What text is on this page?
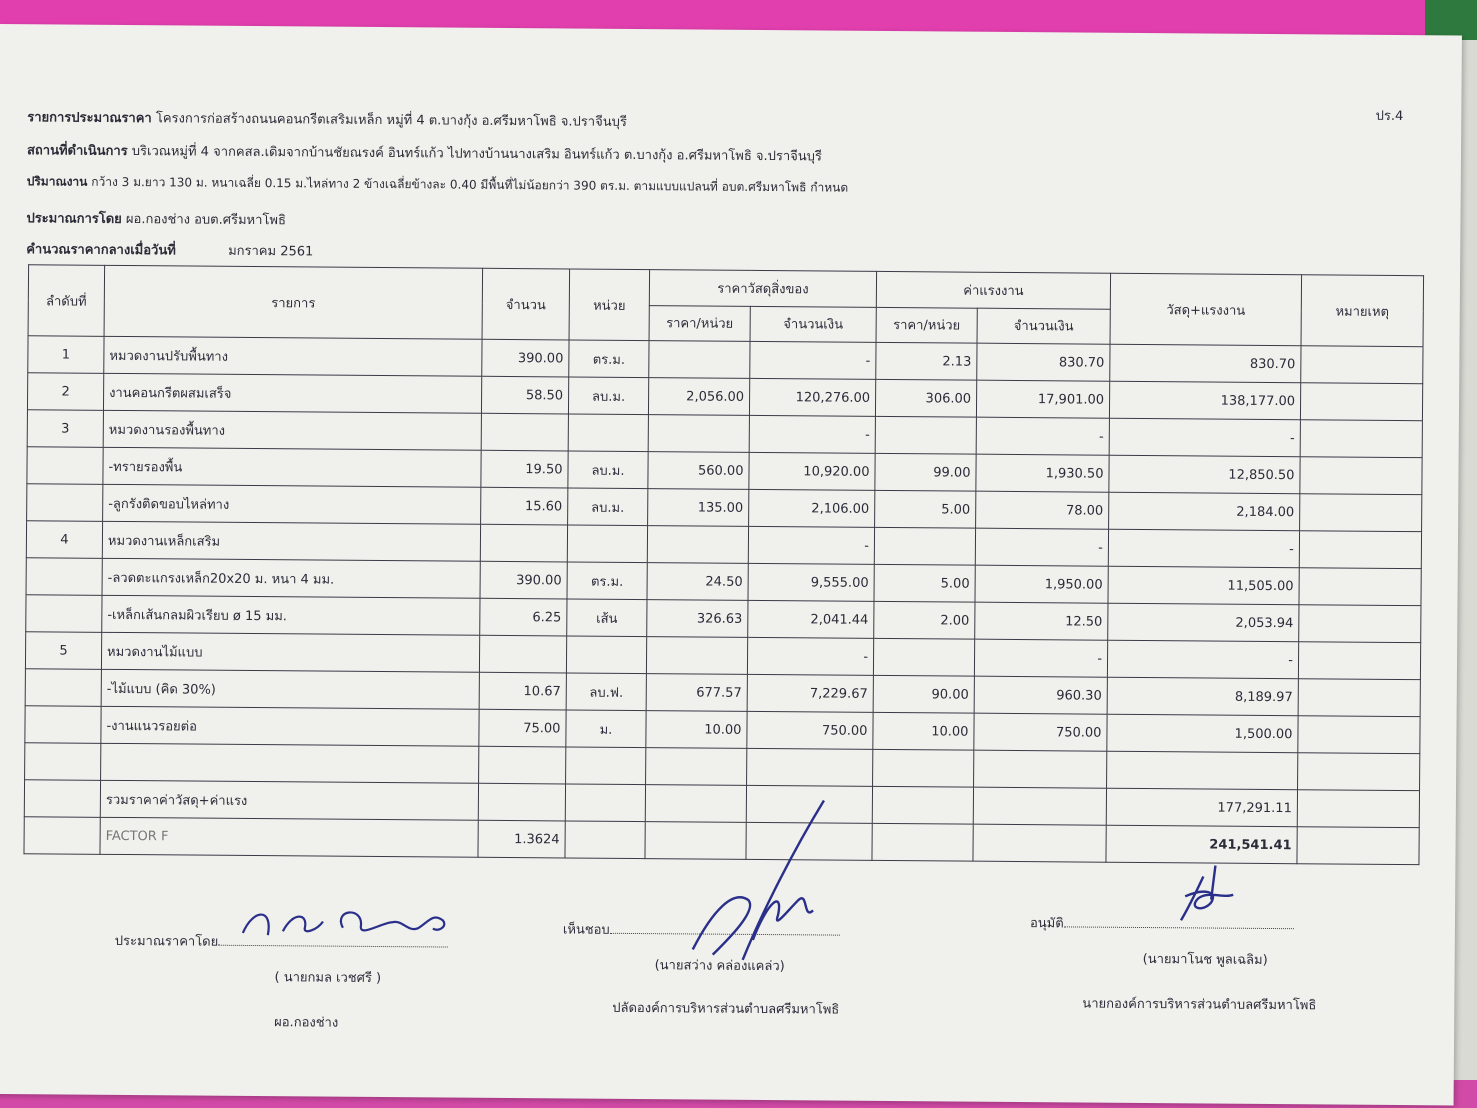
ปร.4
รายการประมาณราคา โครงการก่อสร้างถนนคอนกรีตเสริมเหล็ก หมู่ที่ 4 ต.บางกุ้ง อ.ศรีมหาโพธิ จ.ปราจีนบุรี
สถานที่ดำเนินการ บริเวณหมู่ที่ 4 จากคสล.เดิมจากบ้านชัยณรงค์ อินทร์แก้ว ไปทางบ้านนางเสริม อินทร์แก้ว ต.บางกุ้ง อ.ศรีมหาโพธิ จ.ปราจีนบุรี
ปริมาณงาน กว้าง 3 ม.ยาว 130 ม. หนาเฉลี่ย 0.15 ม.ไหล่ทาง 2 ข้างเฉลี่ยข้างละ 0.40 มีพื้นที่ไม่น้อยกว่า 390 ตร.ม. ตามแบบแปลนที่ อบต.ศรีมหาโพธิ กำหนด
ประมาณการโดย ผอ.กองช่าง อบต.ศรีมหาโพธิ
คำนวณราคากลางเมื่อวันที่	มกราคม 2561
ลำดับที่	รายการ	จำนวน	หน่วย	ราคาวัสดุสิ่งของ		ค่าแรงงาน		วัสดุ+แรงงาน	หมายเหตุ
				ราคา/หน่วย	จำนวนเงิน	ราคา/หน่วย	จำนวนเงิน		
1	หมวดงานปรับพื้นทาง	390.00	ตร.ม.		-	2.13	830.70	830.70	
2	งานคอนกรีตผสมเสร็จ	58.50	ลบ.ม.	2,056.00	120,276.00	306.00	17,901.00	138,177.00	
3	หมวดงานรองพื้นทาง				-		-	-	
	-ทรายรองพื้น	19.50	ลบ.ม.	560.00	10,920.00	99.00	1,930.50	12,850.50	
	-ลูกรังติดขอบไหล่ทาง	15.60	ลบ.ม.	135.00	2,106.00	5.00	78.00	2,184.00	
4	หมวดงานเหล็กเสริม				-		-	-	
	-ลวดตะแกรงเหล็ก20x20 ม. หนา 4 มม.	390.00	ตร.ม.	24.50	9,555.00	5.00	1,950.00	11,505.00	
	-เหล็กเส้นกลมผิวเรียบ ø 15 มม.	6.25	เส้น	326.63	2,041.44	2.00	12.50	2,053.94	
5	หมวดงานไม้แบบ				-		-	-	
	-ไม้แบบ (คิด 30%)	10.67	ลบ.ฟ.	677.57	7,229.67	90.00	960.30	8,189.97	
	-งานแนวรอยต่อ	75.00	ม.	10.00	750.00	10.00	750.00	1,500.00	

	รวมราคาค่าวัสดุ+ค่าแรง							177,291.11	
	FACTOR F	1.3624						241,541.41	
ประมาณราคาโดย
( นายกมล เวชศรี )
ผอ.กองช่าง
เห็นชอบ
(นายสว่าง คล่องแคล่ว)
ปลัดองค์การบริหารส่วนตำบลศรีมหาโพธิ
อนุมัติ
(นายมาโนช พูลเฉลิม)
นายกองค์การบริหารส่วนตำบลศรีมหาโพธิ
